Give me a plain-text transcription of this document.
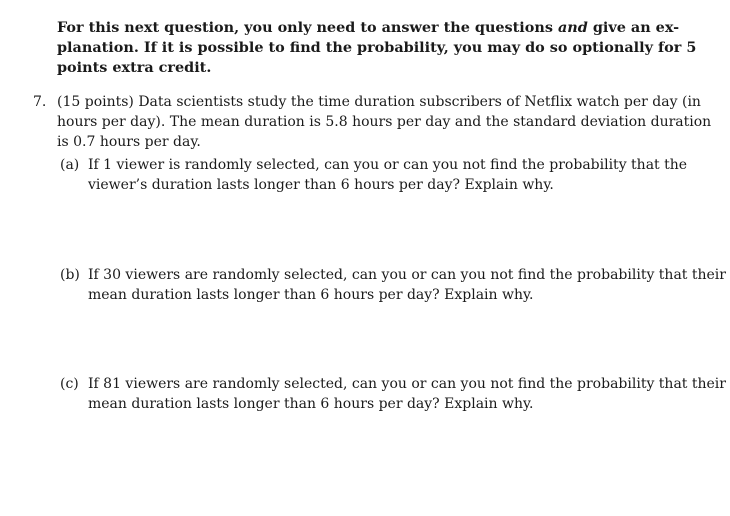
For this next question, you only need to answer the questions and give an ex-
planation. If it is possible to find the probability, you may do so optionally for 5
points extra credit.
7. (15 points) Data scientists study the time duration subscribers of Netflix watch per day (in
hours per day). The mean duration is 5.8 hours per day and the standard deviation duration
is 0.7 hours per day.
(a) If 1 viewer is randomly selected, can you or can you not find the probability that the
viewer’s duration lasts longer than 6 hours per day? Explain why.
(b) If 30 viewers are randomly selected, can you or can you not find the probability that their
mean duration lasts longer than 6 hours per day? Explain why.
(c) If 81 viewers are randomly selected, can you or can you not find the probability that their
mean duration lasts longer than 6 hours per day? Explain why.
